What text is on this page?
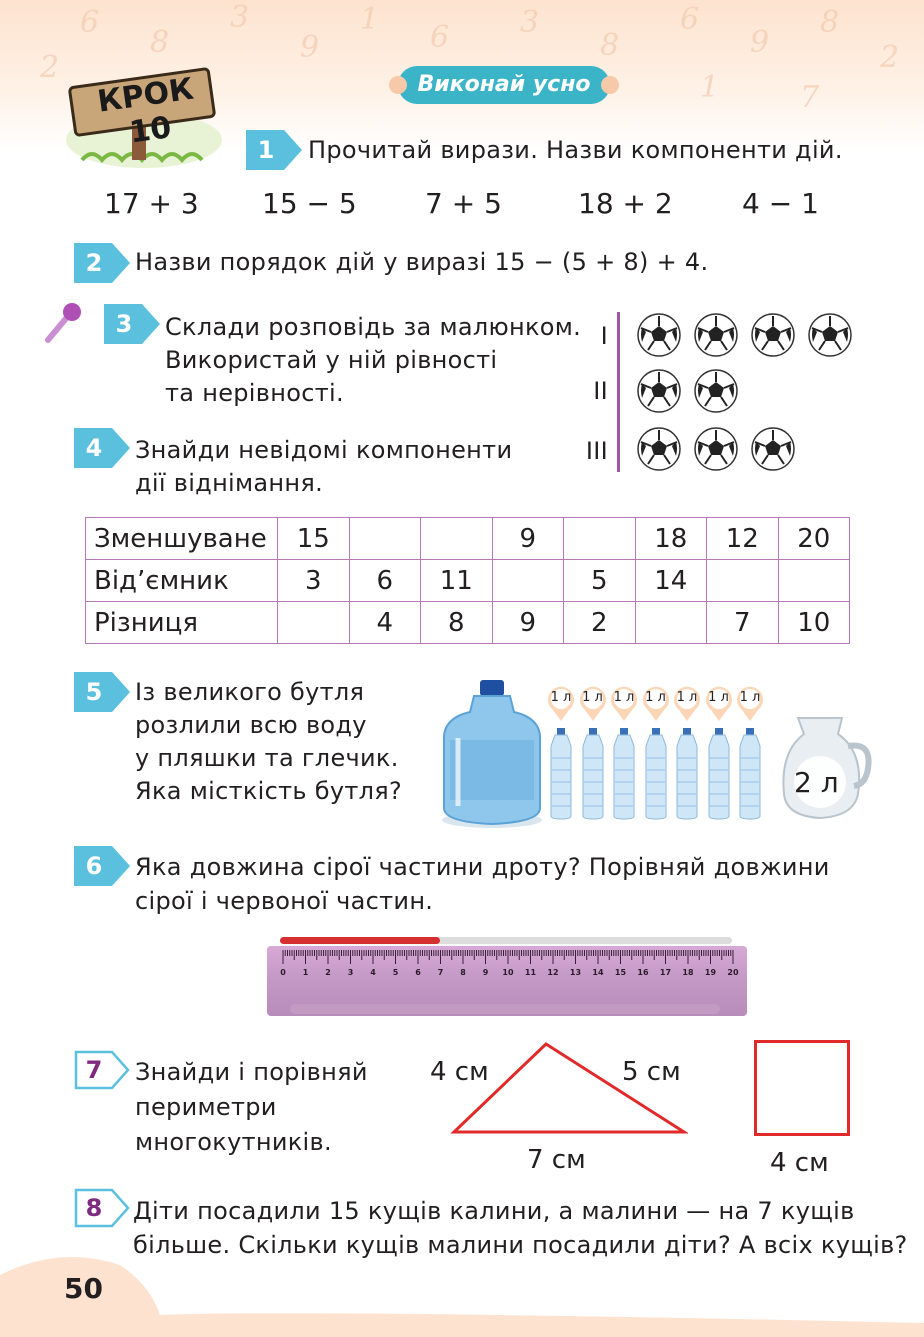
2
6
8
3
9
1
6 3
8
6
9
8
2
1	7
КРОК 10
Виконай усно
1	Прочитай вирази. Назви компоненти дій.
17 + 3 15 − 5 7 + 5	18 + 2 4 − 1
2	Назви порядок дій у виразі 15 − (5 + 8) + 4.
3	Склади розповідь за малюнком.
Використай у ній рівності
та нерівності.
I
II
III
4	Знайди невідомі компоненти
дії віднімання.
Зменшуване	15			9		18	12	20
Від’ємник	3	6	11		5	14		
Різниця		4	8	9	2		7	10
5	Із великого бутля
розлили всю воду
у пляшки та глечик.
Яка місткість бутля?
1 л 1 л 1 л 1 л 1 л 1 л 1 л
2 л
6	Яка довжина сірої частини дроту? Порівняй довжини
сірої і червоної частин.
0	1	2	3	4	5	6	7	8	9	10	11	12	13	14	15	16	17	18	19	20
7	Знайди і порівняй
периметри
многокутників.
4 см	5 см
7 см	4 см
8	Діти посадили 15 кущів калини, а малини — на 7 кущів
більше. Скільки кущів малини посадили діти? А всіх кущів?
50
